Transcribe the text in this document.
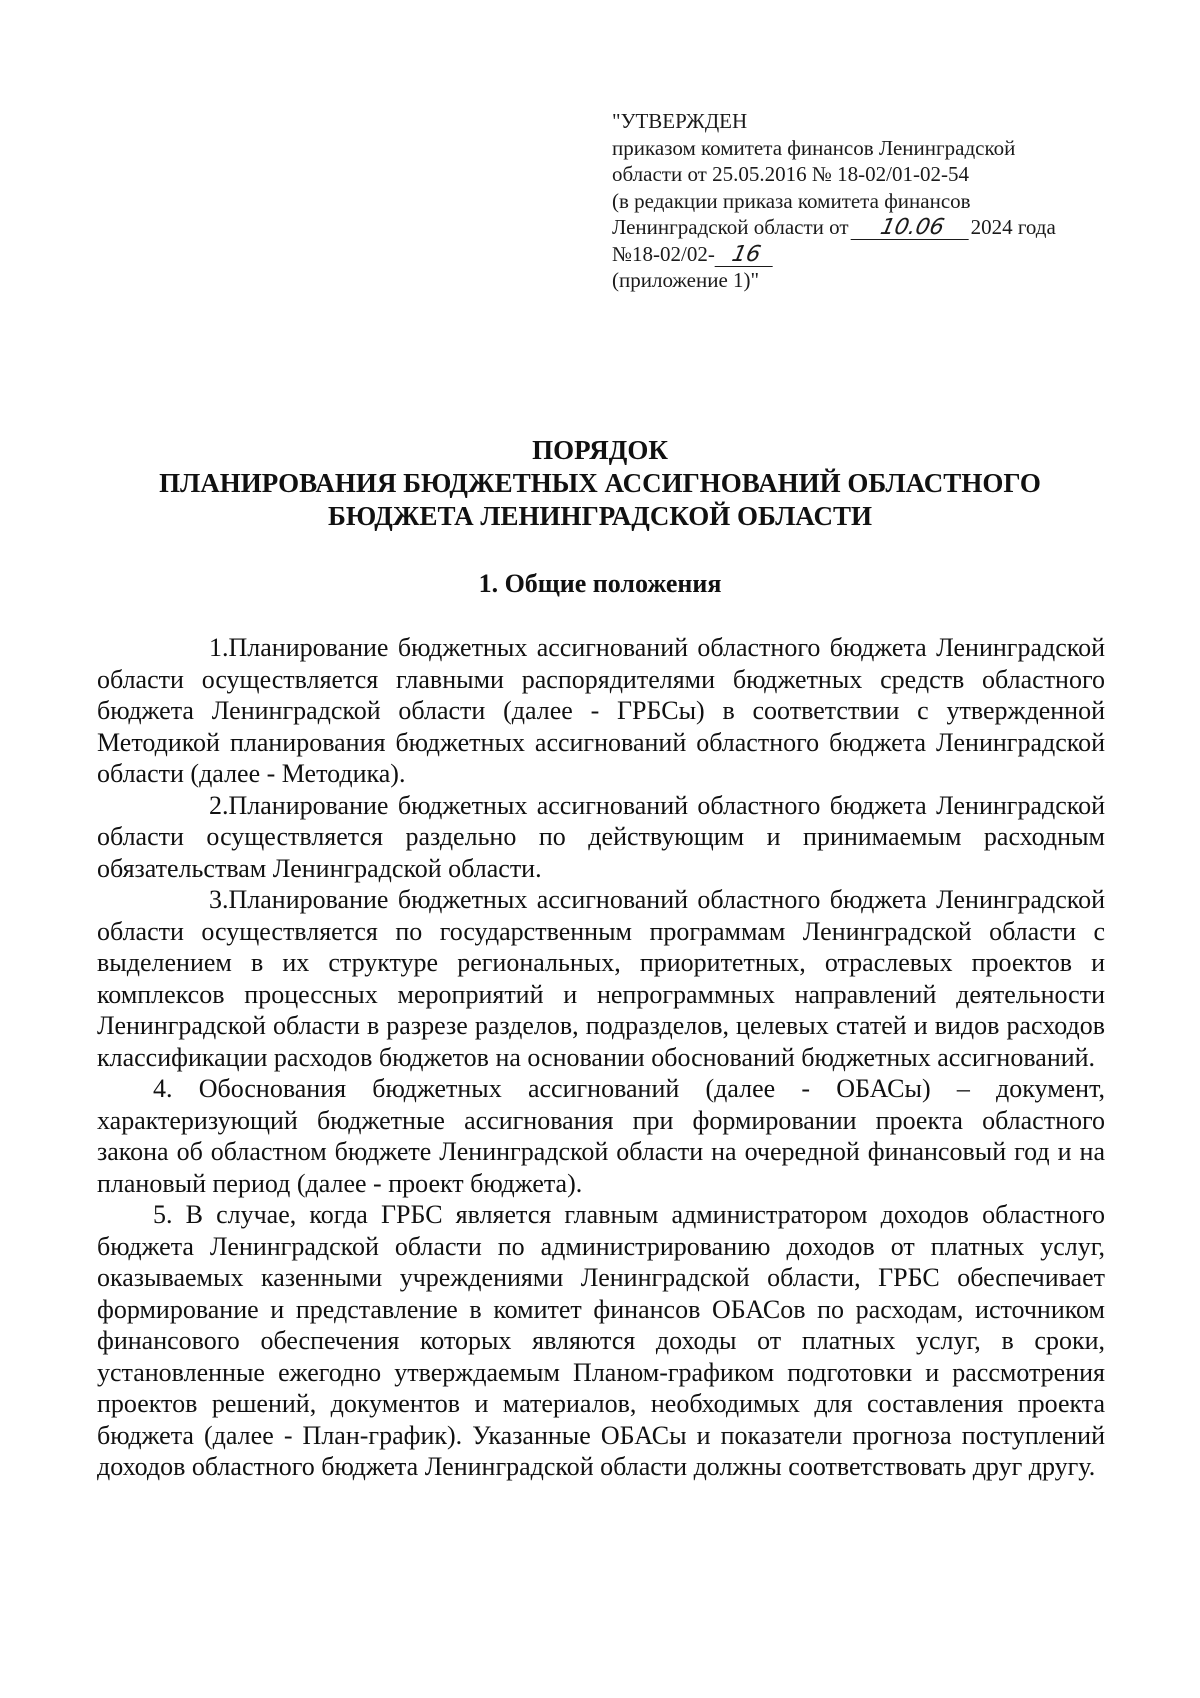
"УТВЕРЖДЕН
приказом комитета финансов Ленинградской
области от 25.05.2016 № 18-02/01-02-54
(в редакции приказа комитета финансов
Ленинградской области от 10.06 2024 года
№18-02/02- 16
(приложение 1)"
ПОРЯДОК
ПЛАНИРОВАНИЯ БЮДЖЕТНЫХ АССИГНОВАНИЙ ОБЛАСТНОГО
БЮДЖЕТА ЛЕНИНГРАДСКОЙ ОБЛАСТИ
1. Общие положения

1.Планирование бюджетных ассигнований областного бюджета Ленинградской области осуществляется главными распорядителями бюджетных средств областного бюджета Ленинградской области (далее - ГРБСы) в соответствии с утвержденной Методикой планирования бюджетных ассигнований областного бюджета Ленинградской области (далее - Методика).

2.Планирование бюджетных ассигнований областного бюджета Ленинградской области осуществляется раздельно по действующим и принимаемым расходным обязательствам Ленинградской области.

3.Планирование бюджетных ассигнований областного бюджета Ленинградской области осуществляется по государственным программам Ленинградской области с выделением в их структуре региональных, приоритетных, отраслевых проектов и комплексов процессных мероприятий и непрограммных направлений деятельности Ленинградской области в разрезе разделов, подразделов, целевых статей и видов расходов классификации расходов бюджетов на основании обоснований бюджетных ассигнований.

4. Обоснования бюджетных ассигнований (далее - ОБАСы) – документ, характеризующий бюджетные ассигнования при формировании проекта областного закона об областном бюджете Ленинградской области на очередной финансовый год и на плановый период (далее - проект бюджета).

5. В случае, когда ГРБС является главным администратором доходов областного бюджета Ленинградской области по администрированию доходов от платных услуг, оказываемых казенными учреждениями Ленинградской области, ГРБС обеспечивает формирование и представление в комитет финансов ОБАСов по расходам, источником финансового обеспечения которых являются доходы от платных услуг, в сроки, установленные ежегодно утверждаемым Планом-графиком подготовки и рассмотрения проектов решений, документов и материалов, необходимых для составления проекта бюджета (далее - План-график). Указанные ОБАСы и показатели прогноза поступлений доходов областного бюджета Ленинградской области должны соответствовать друг другу.
